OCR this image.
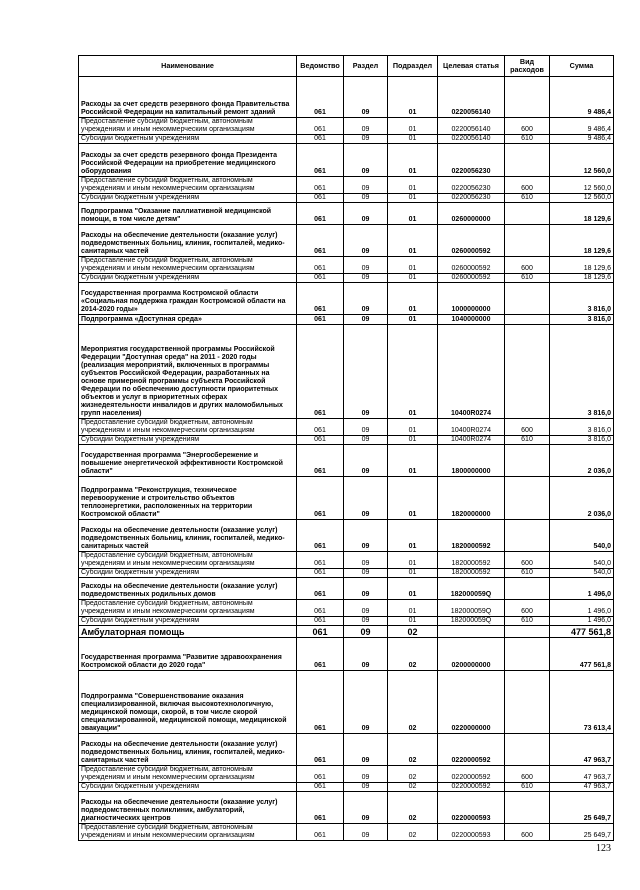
Наименование	Ведомство	Раздел	Подраздел	Целевая статья	Вид расходов	Сумма
Расходы за счет средств резервного фонда Правительства Российской Федерации на капитальный ремонт зданий	061	09	01	0220056140		9 486,4
Предоставление субсидий бюджетным, автономным учреждениям и иным некоммерческим организациям	061	09	01	0220056140	600	9 486,4
Субсидии бюджетным учреждениям	061	09	01	0220056140	610	9 486,4
Расходы за счет средств резервного фонда Президента Российской Федерации на приобретение медицинского оборудования	061	09	01	0220056230		12 560,0
Предоставление субсидий бюджетным, автономным учреждениям и иным некоммерческим организациям	061	09	01	0220056230	600	12 560,0
Субсидии бюджетным учреждениям	061	09	01	0220056230	610	12 560,0
Подпрограмма "Оказание паллиативной медицинской помощи, в том числе детям"	061	09	01	0260000000		18 129,6
Расходы на обеспечение деятельности (оказание услуг) подведомственных больниц, клиник, госпиталей, медико-санитарных частей	061	09	01	0260000592		18 129,6
Предоставление субсидий бюджетным, автономным учреждениям и иным некоммерческим организациям	061	09	01	0260000592	600	18 129,6
Субсидии бюджетным учреждениям	061	09	01	0260000592	610	18 129,6
Государственная программа Костромской области «Социальная поддержка граждан Костромской области на 2014-2020 годы»	061	09	01	1000000000		3 816,0
Подпрограмма «Доступная среда»	061	09	01	1040000000		3 816,0
Мероприятия государственной программы Российской Федерации "Доступная среда" на 2011 - 2020 годы (реализация мероприятий, включенных в программы субъектов Российской Федерации, разработанных на основе примерной программы субъекта Российской Федерации по обеспечению доступности приоритетных объектов и услуг в приоритетных сферах жизнедеятельности инвалидов и других маломобильных групп населения)	061	09	01	10400R0274		3 816,0
Предоставление субсидий бюджетным, автономным учреждениям и иным некоммерческим организациям	061	09	01	10400R0274	600	3 816,0
Субсидии бюджетным учреждениям	061	09	01	10400R0274	610	3 816,0
Государственная программа "Энергосбережение и повышение энергетической эффективности Костромской области"	061	09	01	1800000000		2 036,0
Подпрограмма "Реконструкция, техническое перевооружение и строительство объектов теплоэнергетики, расположенных на территории Костромской области"	061	09	01	1820000000		2 036,0
Расходы на обеспечение деятельности (оказание услуг) подведомственных больниц, клиник, госпиталей, медико-санитарных частей	061	09	01	1820000592		540,0
Предоставление субсидий бюджетным, автономным учреждениям и иным некоммерческим организациям	061	09	01	1820000592	600	540,0
Субсидии бюджетным учреждениям	061	09	01	1820000592	610	540,0
Расходы на обеспечение деятельности (оказание услуг) подведомственных родильных домов	061	09	01	182000059Q		1 496,0
Предоставление субсидий бюджетным, автономным учреждениям и иным некоммерческим организациям	061	09	01	182000059Q	600	1 496,0
Субсидии бюджетным учреждениям	061	09	01	182000059Q	610	1 496,0
Амбулаторная помощь	061	09	02			477 561,8
Государственная программа "Развитие здравоохранения Костромской области до 2020 года"	061	09	02	0200000000		477 561,8
Подпрограмма "Совершенствование оказания специализированной, включая высокотехнологичную, медицинской помощи, скорой, в том числе скорой специализированной, медицинской помощи, медицинской эвакуации"	061	09	02	0220000000		73 613,4
Расходы на обеспечение деятельности (оказание услуг) подведомственных больниц, клиник, госпиталей, медико-санитарных частей	061	09	02	0220000592		47 963,7
Предоставление субсидий бюджетным, автономным учреждениям и иным некоммерческим организациям	061	09	02	0220000592	600	47 963,7
Субсидии бюджетным учреждениям	061	09	02	0220000592	610	47 963,7
Расходы на обеспечение деятельности (оказание услуг) подведомственных поликлиник, амбулаторий, диагностических центров	061	09	02	0220000593		25 649,7
Предоставление субсидий бюджетным, автономным учреждениям и иным некоммерческим организациям	061	09	02	0220000593	600	25 649,7
123
